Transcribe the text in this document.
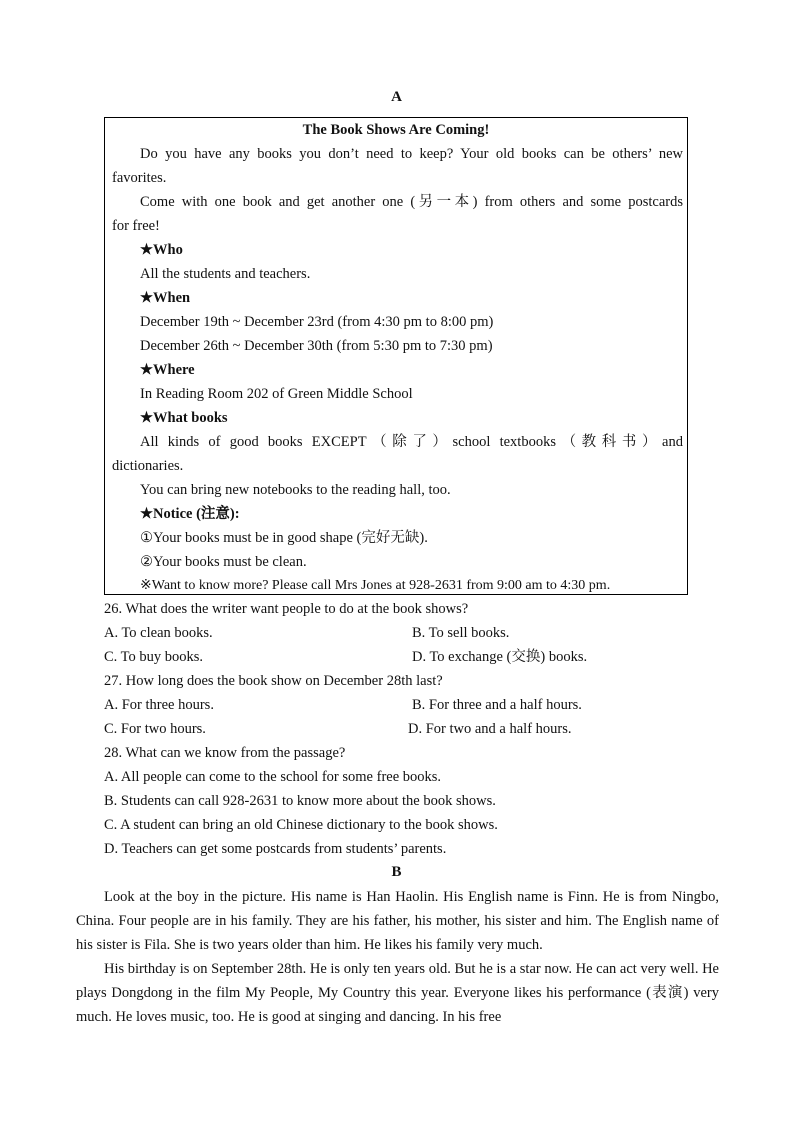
A
The Book Shows Are Coming!
Do you have any books you don’t need to keep? Your old books can be others’ new
favorites.
Come with one book and get another one (另一本) from others and some postcards
for free!
★Who
All the students and teachers.
★When
December 19th ~ December 23rd (from 4:30 pm to 8:00 pm)
December 26th ~ December 30th (from 5:30 pm to 7:30 pm)
★Where
In Reading Room 202 of Green Middle School
★What books
All kinds of good books EXCEPT（除了）school textbooks（教科书）and
dictionaries.
You can bring new notebooks to the reading hall, too.
★Notice (注意):
①Your books must be in good shape (完好无缺).
②Your books must be clean.
※Want to know more? Please call Mrs Jones at 928-2631 from 9:00 am to 4:30 pm.
26. What does the writer want people to do at the book shows?
A. To clean books.	B. To sell books.
C. To buy books.	D. To exchange (交换) books.
27. How long does the book show on December 28th last?
A. For three hours.	B. For three and a half hours.
C. For two hours.	D. For two and a half hours.
28. What can we know from the passage?
A. All people can come to the school for some free books.
B. Students can call 928-2631 to know more about the book shows.
C. A student can bring an old Chinese dictionary to the book shows.
D. Teachers can get some postcards from students’ parents.
B
Look at the boy in the picture. His name is Han Haolin. His English name is Finn. He is from Ningbo, China. Four people are in his family. They are his father, his mother, his sister and him. The English name of his sister is Fila. She is two years older than him. He likes his family very much.
His birthday is on September 28th. He is only ten years old. But he is a star now. He can act very well. He plays Dongdong in the film My People, My Country this year. Everyone likes his performance (表演) very much. He loves music, too. He is good at singing and dancing. In his free
